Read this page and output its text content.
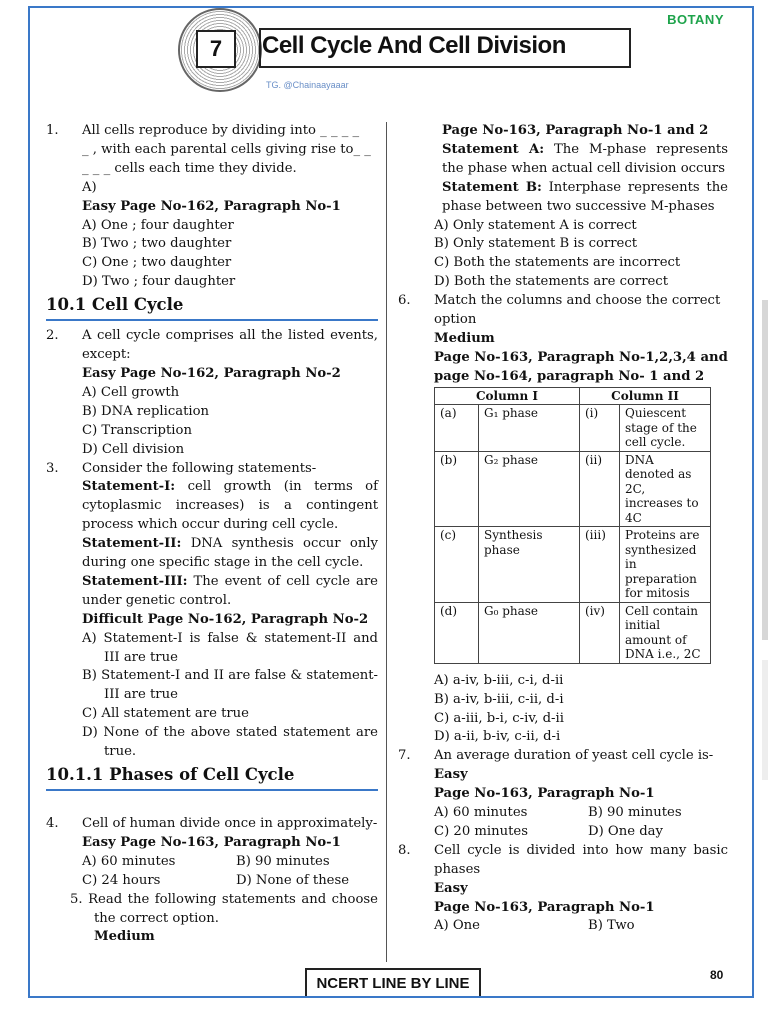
BOTANY
7	Cell Cycle And Cell Division
TG. @Chainaayaaar
1. All cells reproduce by dividing into _ _ _ _
_ , with each parental cells giving rise to_ _
_ _ _ cells each time they divide.
A)
Easy Page No-162, Paragraph No-1
A) One ; four daughter
B) Two ; two daughter
C) One ; two daughter
D) Two ; four daughter
10.1 Cell Cycle
2. A cell cycle comprises all the listed events, except:
Easy Page No-162, Paragraph No-2
A) Cell growth
B) DNA replication
C) Transcription
D) Cell division
3. Consider the following statements-
Statement-I: cell growth (in terms of cytoplasmic increases) is a contingent process which occur during cell cycle.
Statement-II: DNA synthesis occur only during one specific stage in the cell cycle.
Statement-III: The event of cell cycle are under genetic control.
Difficult Page No-162, Paragraph No-2
A) Statement-I is false & statement-II and III are true
B) Statement-I and II are false & statement-III are true
C) All statement are true
D) None of the above stated statement are true.
10.1.1 Phases of Cell Cycle
4. Cell of human divide once in approximately-
Easy Page No-163, Paragraph No-1
A) 60 minutes	B) 90 minutes
C) 24 hours	D) None of these
5. Read the following statements and choose the correct option.
Medium
Page No-163, Paragraph No-1 and 2
Statement A: The M-phase represents the phase when actual cell division occurs
Statement B: Interphase represents the phase between two successive M-phases
A) Only statement A is correct
B) Only statement B is correct
C) Both the statements are incorrect
D) Both the statements are correct
6. Match the columns and choose the correct option
Medium
Page No-163, Paragraph No-1,2,3,4 and page No-164, paragraph No- 1 and 2
Column I		Column II	
(a)	G₁ phase	(i)	Quiescent stage of the cell cycle.
(b)	G₂ phase	(ii)	DNA denoted as 2C, increases to 4C
(c)	Synthesis phase	(iii)	Proteins are synthesized in preparation for mitosis
(d)	G₀ phase	(iv)	Cell contain initial amount of DNA i.e., 2C
A) a-iv, b-iii, c-i, d-ii
B) a-iv, b-iii, c-ii, d-i
C) a-iii, b-i, c-iv, d-ii
D) a-ii, b-iv, c-ii, d-i
7. An average duration of yeast cell cycle is-
Easy
Page No-163, Paragraph No-1
A) 60 minutes	B) 90 minutes
C) 20 minutes	D) One day
8. Cell cycle is divided into how many basic phases
Easy
Page No-163, Paragraph No-1
A) One	B) Two
NCERT LINE BY LINE	80
